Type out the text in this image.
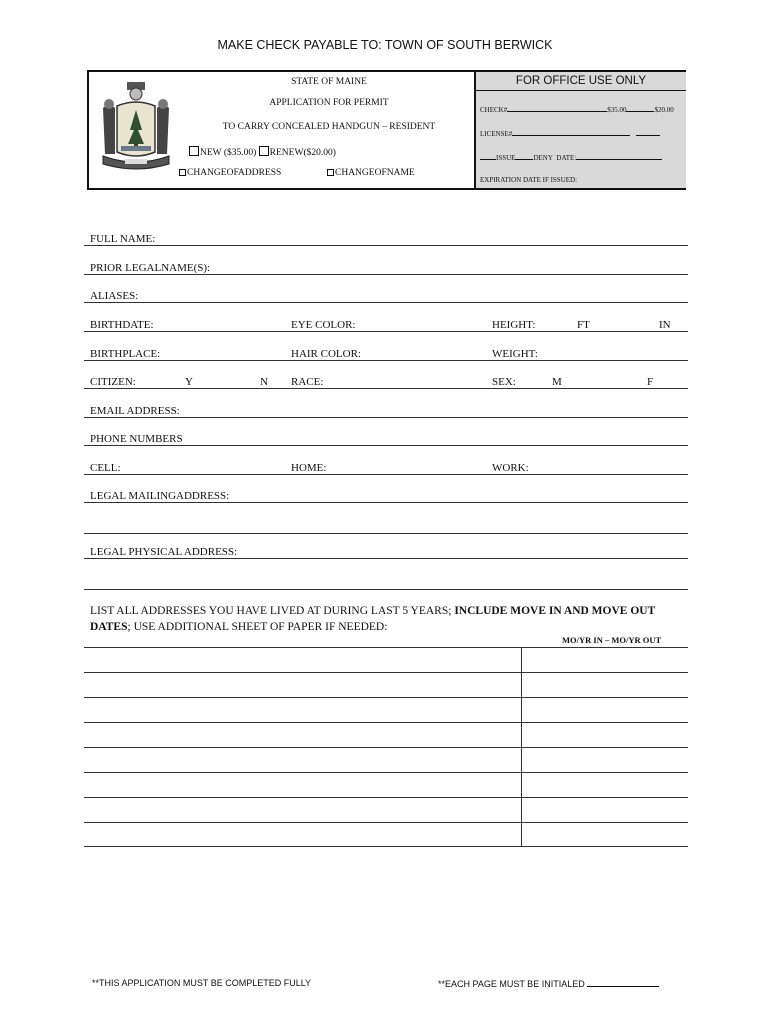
MAKE CHECK PAYABLE TO: TOWN OF SOUTH BERWICK
STATE OF MAINE
APPLICATION FOR PERMIT
TO CARRY CONCEALED HANDGUN – RESIDENT
NEW ($35.00) RENEW($20.00)
CHANGEOFADDRESS	CHANGEOFNAME
FOR OFFICE USE ONLY
CHECK#	$35.00	$20.00
LICENSE#
ISSUE	DENY DATE:
EXPIRATION DATE IF ISSUED:
FULL NAME:
PRIOR LEGALNAME(S):
ALIASES:
BIRTHDATE:	EYE COLOR:	HEIGHT:	FT	IN
BIRTHPLACE:	HAIR COLOR:	WEIGHT:
CITIZEN:	Y	N RACE:	SEX:	M	F
EMAIL ADDRESS:
PHONE NUMBERS
CELL:	HOME:	WORK:
LEGAL MAILINGADDRESS:
LEGAL PHYSICAL ADDRESS:
LIST ALL ADDRESSES YOU HAVE LIVED AT DURING LAST 5 YEARS; INCLUDE MOVE IN AND MOVE OUT DATES; USE ADDITIONAL SHEET OF PAPER IF NEEDED:
MO/YR IN – MO/YR OUT
**THIS APPLICATION MUST BE COMPLETED FULLY	**EACH PAGE MUST BE INITIALED
